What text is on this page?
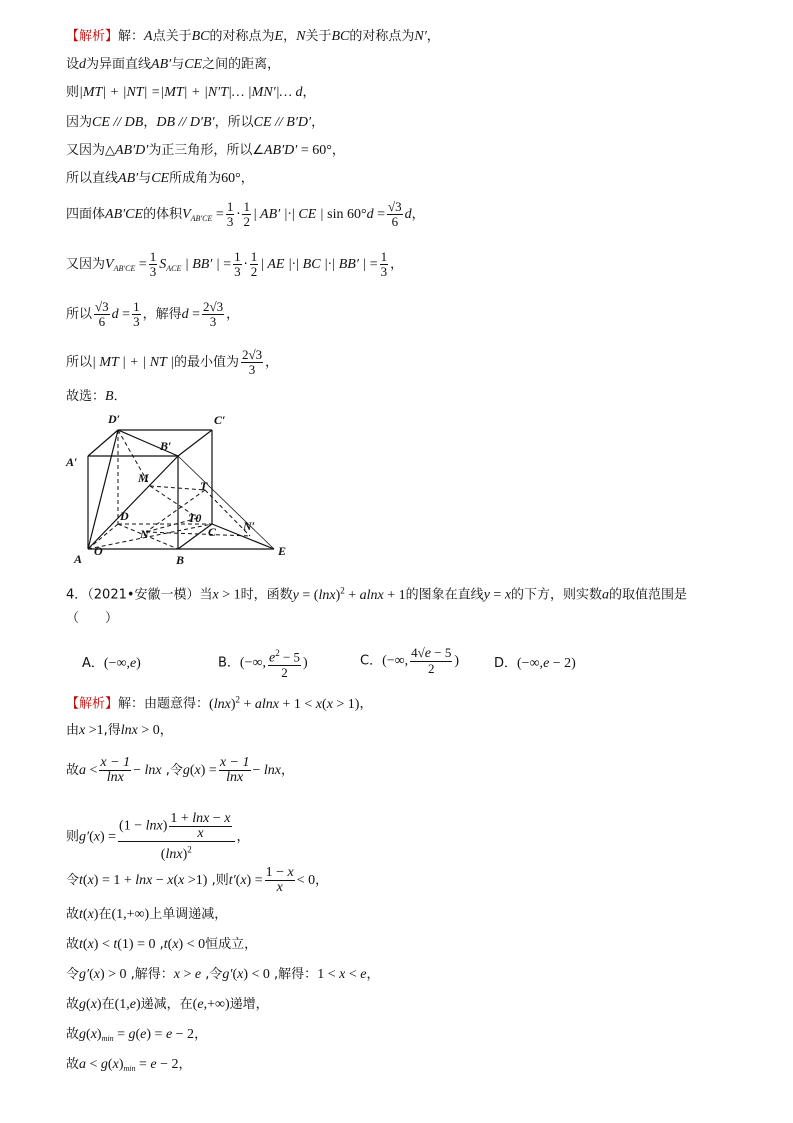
【解析】解：A点关于BC的对称点为E，N关于BC的对称点为N′，
设d为异面直线AB′与CE之间的距离，
则|MT| + |NT| =|MT| + |N′T|… |MN′|… d，
因为CE // DB，DB // D′B′，所以CE // B′D′，
又因为△AB′D′为正三角形，所以∠AB′D′ = 60°，
所以直线AB′与CE所成角为60°，
四面体AB′CE的体积$V_{AB'CE} = \frac{1}{3} \cdot \frac{1}{2}$ | AB′ |·| CE | $\sin 60^\circ d = \frac{√3}{6}$ d，
又因为$V_{AB'CE} = \frac{1}{3} S_{ACE}$ | BB′ | = $\frac{1}{3} \cdot \frac{1}{2}$ | AE |·| BC |·| BB′ | = $\frac{1}{3}$ ，
所以 $\frac{√3}{6}$ $d = \frac{1}{3}$ ，解得$d = \frac{2√3}{3}$ ，
所以| MT | + | NT |的最小值为 $\frac{2√3}{3}$ ，
故选：B．
D′	C′
B′
A′
M
T
D	T0
C N′
N
A
O
B
E
4．（2021•安徽一模）当x > 1时，函数$y = (\ln x)^2 + alnx + 1$的图象在直线y = x的下方，则实数a的取值范围是
（　　）
A．(−∞,e)	B．(−∞, $\frac{e^2 - 5}{2}$ )	C．(−∞, $\frac{4√e - 5}{2}$ )	D．(−∞,e − 2)
【解析】解：由题意得：$(\ln x)^2 + alnx + 1 < x(x > 1)$，
由x >1,得lnx > 0，
故$a < \frac{x - 1}{\ln x} - \ln x$ ,令$g(x) = \frac{x - 1}{\ln x} - \ln x$，
则$g'(x) = \frac{(1 - \ln x) \frac{1 + \ln x - x}{x}}{(\ln x)^2}$ ，
令t(x) = 1 + lnx − x(x >1) ,则$t'(x) = \frac{1 - x}{x} < 0$，
故t(x)在(1,+∞)上单调递减，
故t(x) < t(1) = 0 ,t(x) < 0恒成立，
令g′(x) > 0 ,解得：x > e ,令g′(x) < 0 ,解得：1 < x < e，
故g(x)在(1,e)递减，在(e,+∞)递增，
故$g(x)_{min} = g(e) = e - 2$，
故$a < g(x)_{min} = e - 2$，
